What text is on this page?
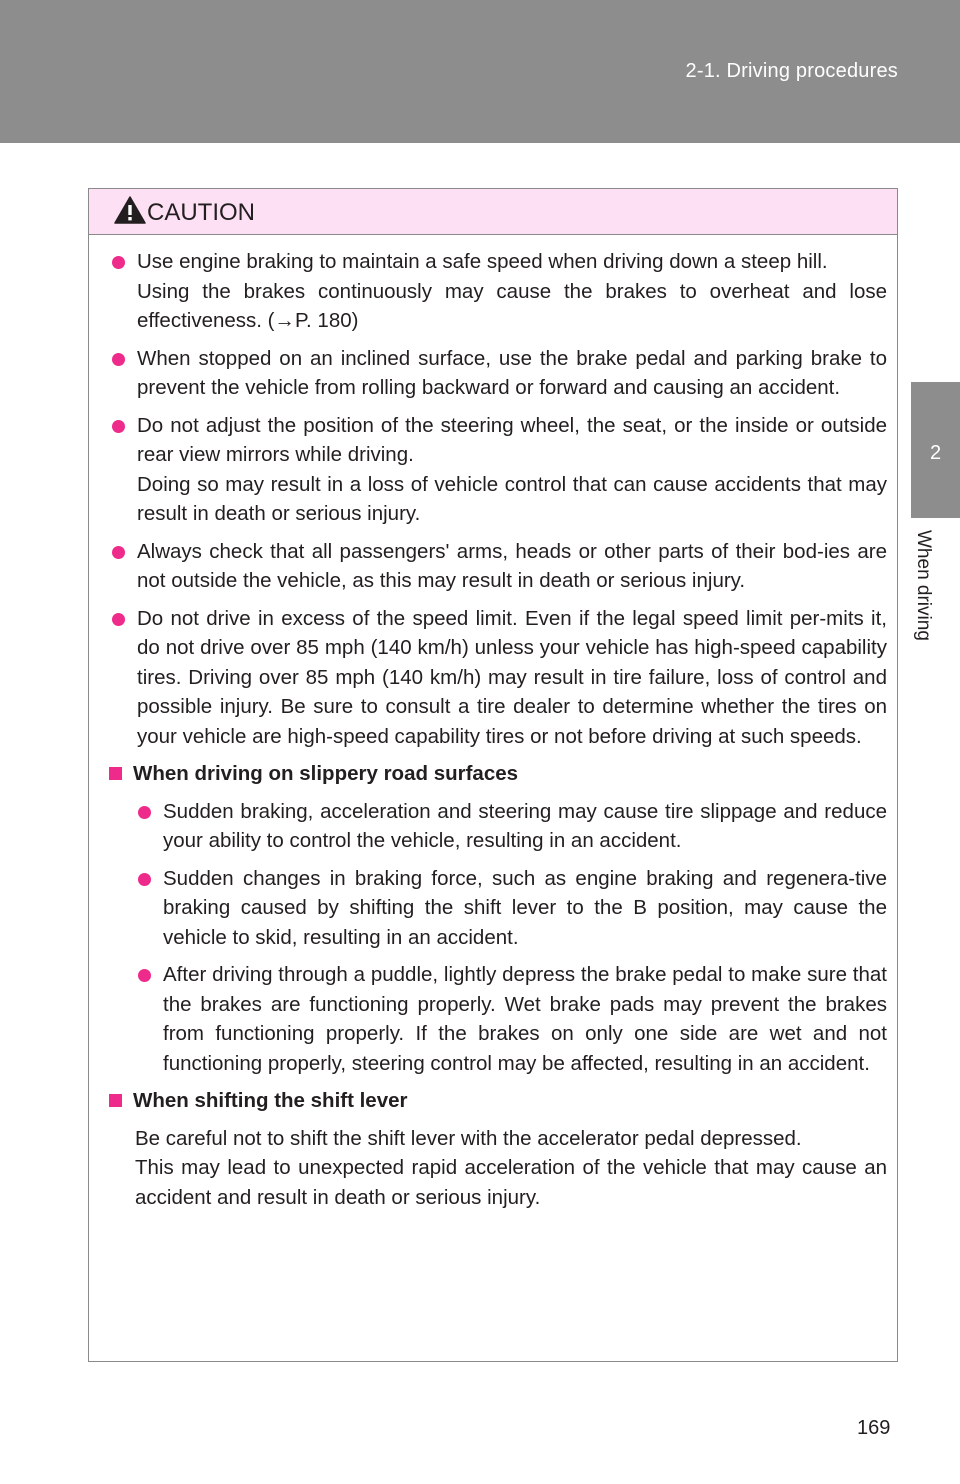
2-1. Driving procedures
2
When driving
CAUTION

Use engine braking to maintain a safe speed when driving down a steep hill.

Using the brakes continuously may cause the brakes to overheat and lose effectiveness. (→P. 180)

When stopped on an inclined surface, use the brake pedal and parking brake to prevent the vehicle from rolling backward or forward and causing an accident.

Do not adjust the position of the steering wheel, the seat, or the inside or outside rear view mirrors while driving.

Doing so may result in a loss of vehicle control that can cause accidents that may result in death or serious injury.

Always check that all passengers' arms, heads or other parts of their bod-ies are not outside the vehicle, as this may result in death or serious injury.

Do not drive in excess of the speed limit. Even if the legal speed limit per-mits it, do not drive over 85 mph (140 km/h) unless your vehicle has high-speed capability tires. Driving over 85 mph (140 km/h) may result in tire failure, loss of control and possible injury. Be sure to consult a tire dealer to determine whether the tires on your vehicle are high-speed capability tires or not before driving at such speeds.

When driving on slippery road surfaces

Sudden braking, acceleration and steering may cause tire slippage and reduce your ability to control the vehicle, resulting in an accident.

Sudden changes in braking force, such as engine braking and regenera-tive braking caused by shifting the shift lever to the B position, may cause the vehicle to skid, resulting in an accident.

After driving through a puddle, lightly depress the brake pedal to make sure that the brakes are functioning properly. Wet brake pads may prevent the brakes from functioning properly. If the brakes on only one side are wet and not functioning properly, steering control may be affected, resulting in an accident.

When shifting the shift lever

Be careful not to shift the shift lever with the accelerator pedal depressed.

This may lead to unexpected rapid acceleration of the vehicle that may cause an accident and result in death or serious injury.

169
